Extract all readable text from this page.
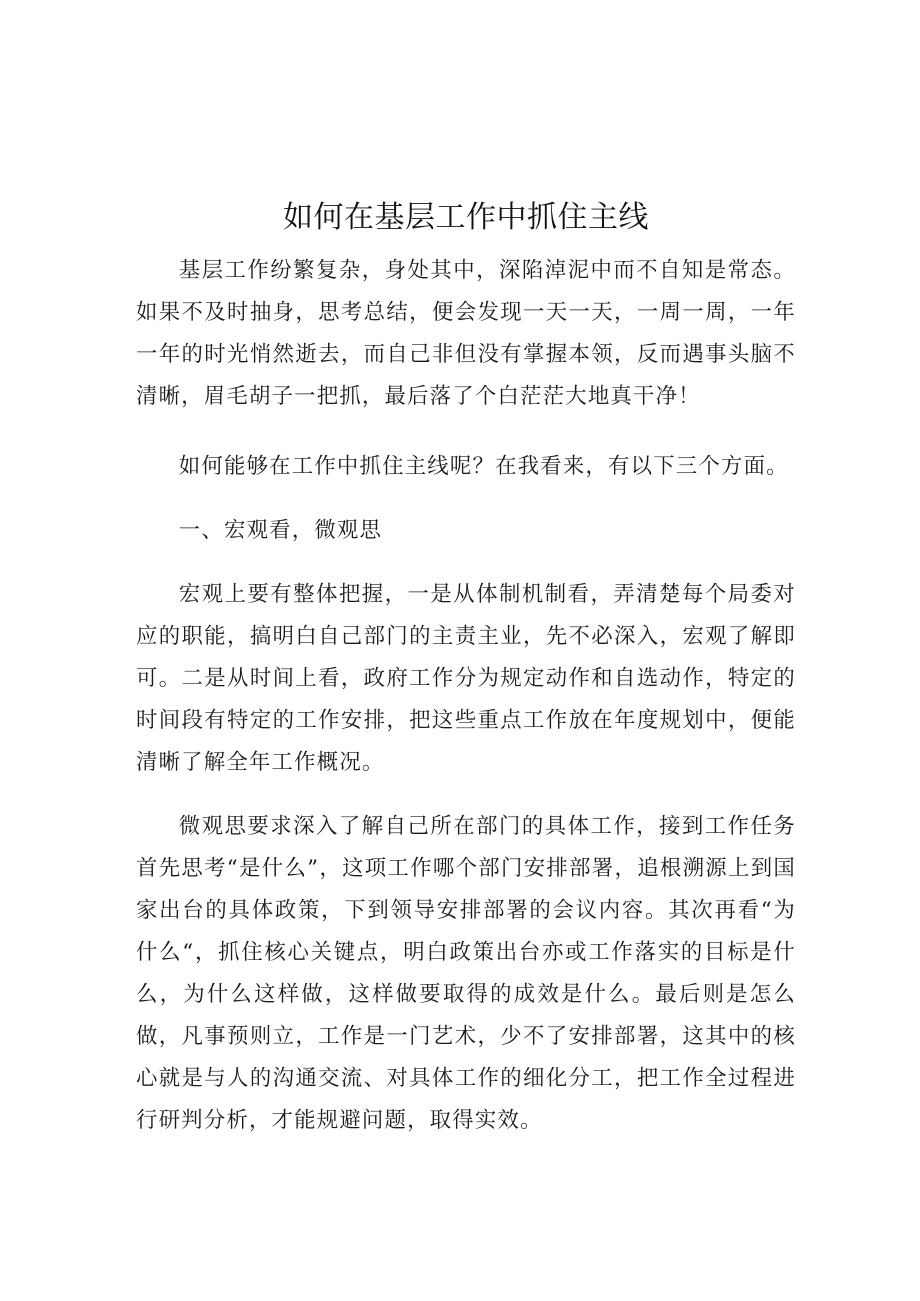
如何在基层工作中抓住主线

基层工作纷繁复杂，身处其中，深陷淖泥中而不自知是常态。如果不及时抽身，思考总结，便会发现一天一天，一周一周，一年一年的时光悄然逝去，而自己非但没有掌握本领，反而遇事头脑不清晰，眉毛胡子一把抓，最后落了个白茫茫大地真干净！

如何能够在工作中抓住主线呢？在我看来，有以下三个方面。

一、宏观看，微观思

宏观上要有整体把握，一是从体制机制看，弄清楚每个局委对应的职能，搞明白自己部门的主责主业，先不必深入，宏观了解即可。二是从时间上看，政府工作分为规定动作和自选动作，特定的时间段有特定的工作安排，把这些重点工作放在年度规划中，便能清晰了解全年工作概况。

微观思要求深入了解自己所在部门的具体工作，接到工作任务首先思考“是什么”，这项工作哪个部门安排部署，追根溯源上到国家出台的具体政策，下到领导安排部署的会议内容。其次再看“为什么“，抓住核心关键点，明白政策出台亦或工作落实的目标是什么，为什么这样做，这样做要取得的成效是什么。最后则是怎么做，凡事预则立，工作是一门艺术，少不了安排部署，这其中的核心就是与人的沟通交流、对具体工作的细化分工，把工作全过程进行研判分析，才能规避问题，取得实效。
